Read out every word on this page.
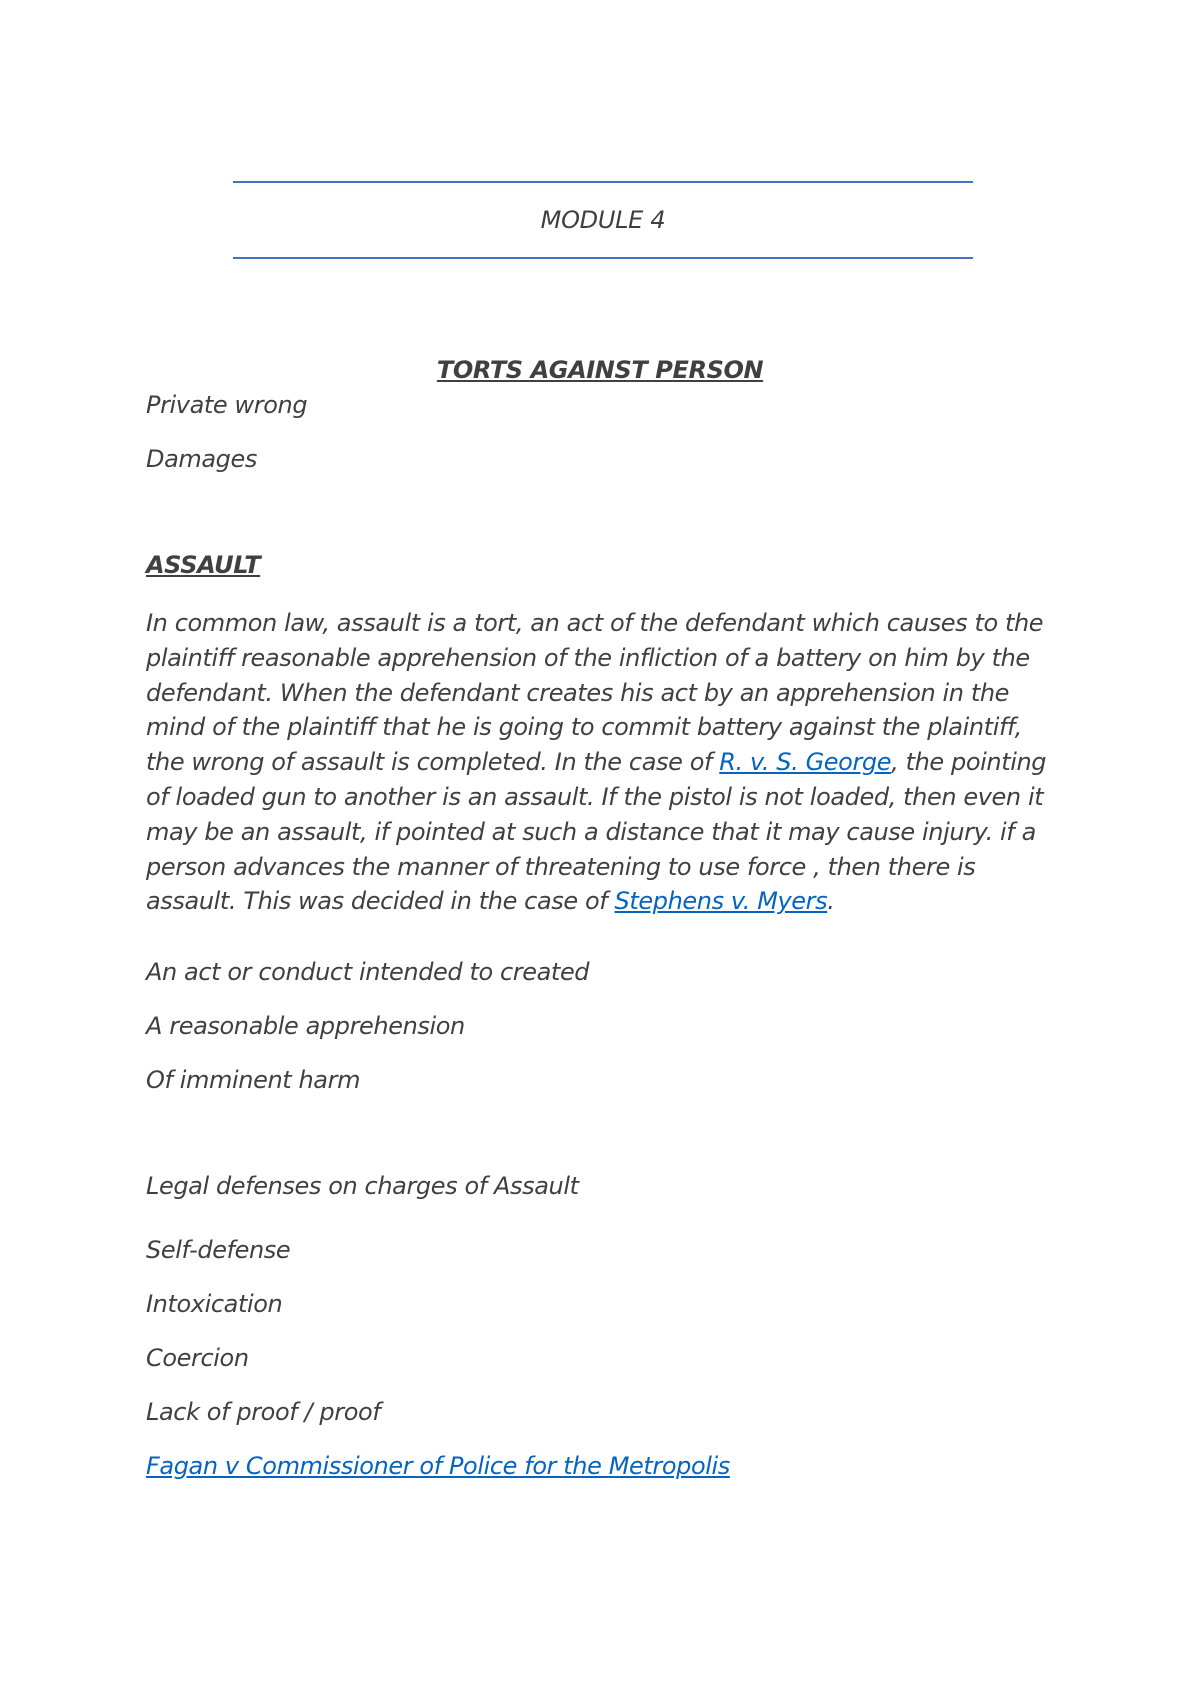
MODULE 4
TORTS AGAINST PERSON
Private wrong
Damages
ASSAULT
In common law, assault is a tort, an act of the defendant which causes to the plaintiff reasonable apprehension of the infliction of a battery on him by the defendant. When the defendant creates his act by an apprehension in the mind of the plaintiff that he is going to commit battery against the plaintiff, the wrong of assault is completed. In the case of R. v. S. George, the pointing of loaded gun to another is an assault. If the pistol is not loaded, then even it may be an assault, if pointed at such a distance that it may cause injury. if a person advances the manner of threatening to use force , then there is assault. This was decided in the case of Stephens v. Myers.
An act or conduct intended to created
A reasonable apprehension
Of imminent harm
Legal defenses on charges of Assault
Self-defense
Intoxication
Coercion
Lack of proof / proof
Fagan v Commissioner of Police for the Metropolis
